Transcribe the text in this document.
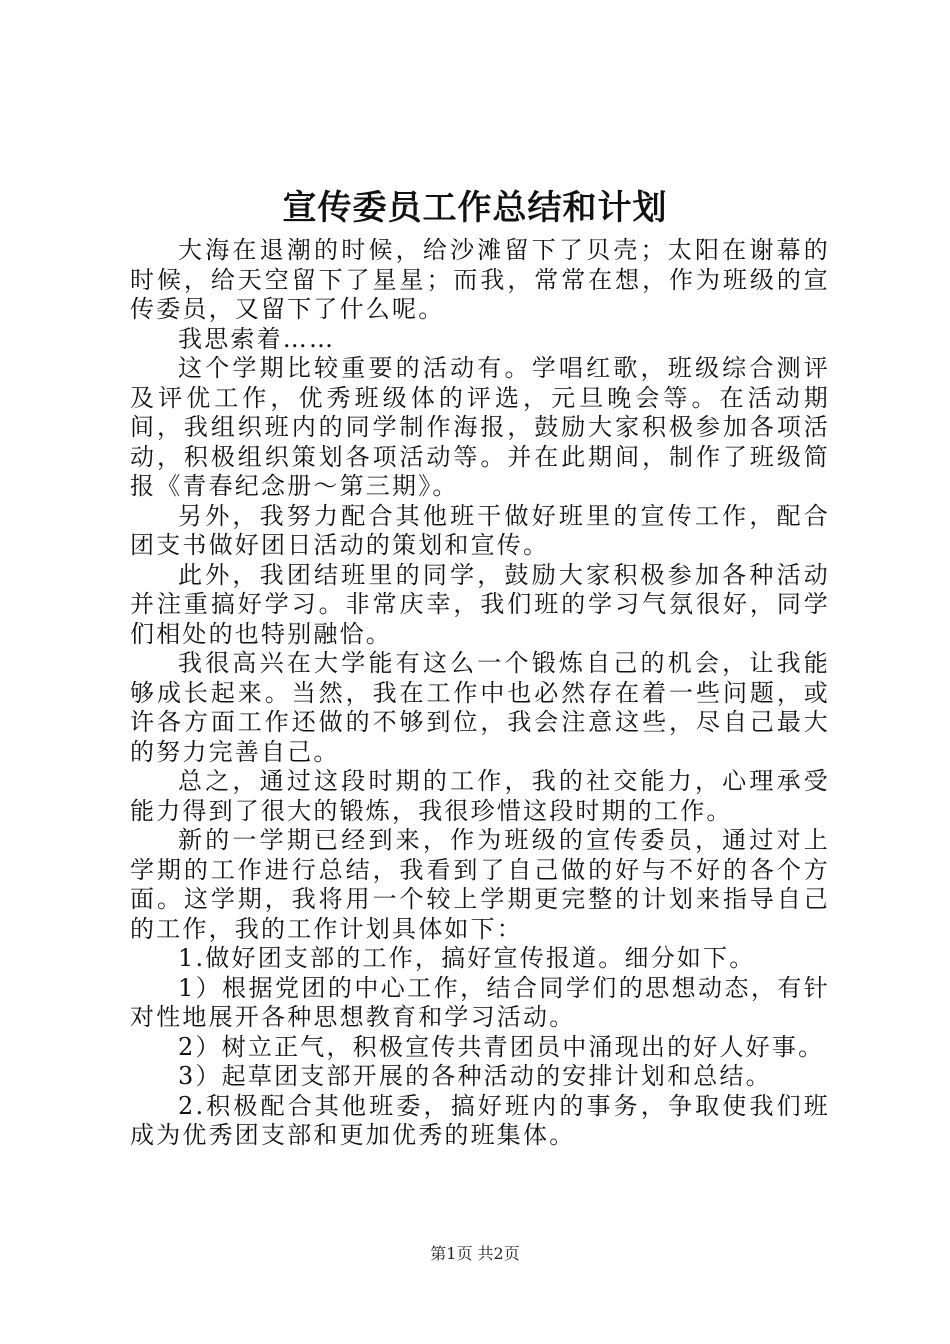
宣传委员工作总结和计划

大海在退潮的时候，给沙滩留下了贝壳；太阳在谢幕的时候，给天空留下了星星；而我，常常在想，作为班级的宣传委员，又留下了什么呢。

我思索着……

这个学期比较重要的活动有。学唱红歌，班级综合测评及评优工作，优秀班级体的评选，元旦晚会等。在活动期间，我组织班内的同学制作海报，鼓励大家积极参加各项活动，积极组织策划各项活动等。并在此期间，制作了班级简报《青春纪念册～第三期》。

另外，我努力配合其他班干做好班里的宣传工作，配合团支书做好团日活动的策划和宣传。

此外，我团结班里的同学，鼓励大家积极参加各种活动并注重搞好学习。非常庆幸，我们班的学习气氛很好，同学们相处的也特别融恰。

我很高兴在大学能有这么一个锻炼自己的机会，让我能够成长起来。当然，我在工作中也必然存在着一些问题，或许各方面工作还做的不够到位，我会注意这些，尽自己最大的努力完善自己。

总之，通过这段时期的工作，我的社交能力，心理承受能力得到了很大的锻炼，我很珍惜这段时期的工作。

新的一学期已经到来，作为班级的宣传委员，通过对上学期的工作进行总结，我看到了自己做的好与不好的各个方面。这学期，我将用一个较上学期更完整的计划来指导自己的工作，我的工作计划具体如下：

1.做好团支部的工作，搞好宣传报道。细分如下。

1）根据党团的中心工作，结合同学们的思想动态，有针对性地展开各种思想教育和学习活动。

2）树立正气，积极宣传共青团员中涌现出的好人好事。

3）起草团支部开展的各种活动的安排计划和总结。

2.积极配合其他班委，搞好班内的事务，争取使我们班成为优秀团支部和更加优秀的班集体。

第1页 共2页
